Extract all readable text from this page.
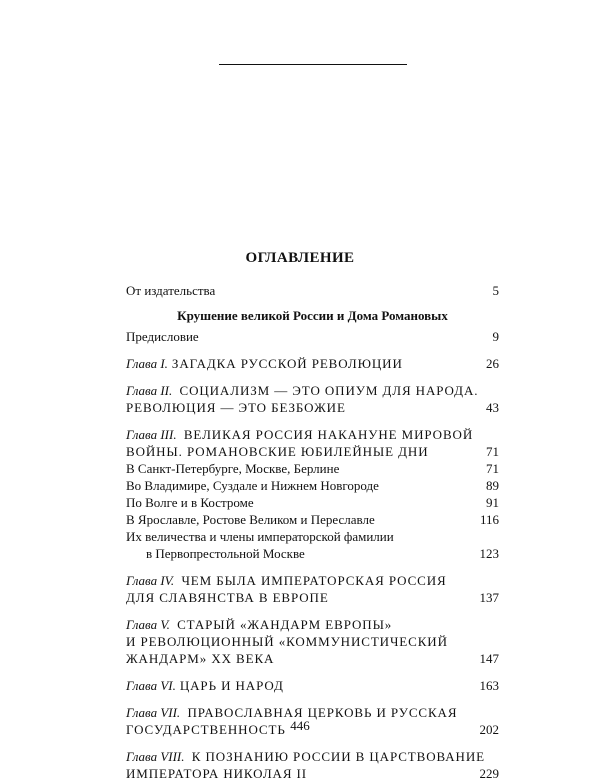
ОГЛАВЛЕНИЕ
От издательства	5
Крушение великой России и Дома Романовых
Предисловие	9
Глава I. ЗАГАДКА РУССКОЙ РЕВОЛЮЦИИ	26
Глава II. СОЦИАЛИЗМ — ЭТО ОПИУМ ДЛЯ НАРОДА.
РЕВОЛЮЦИЯ — ЭТО БЕЗБОЖИЕ	43
Глава III. ВЕЛИКАЯ РОССИЯ НАКАНУНЕ МИРОВОЙ
ВОЙНЫ. РОМАНОВСКИЕ ЮБИЛЕЙНЫЕ ДНИ	71
В Санкт-Петербурге, Москве, Берлине	71
Во Владимире, Суздале и Нижнем Новгороде	89
По Волге и в Костроме	91
В Ярославле, Ростове Великом и Переславле	116
Их величества и члены императорской фамилии
в Первопрестольной Москве	123
Глава IV. ЧЕМ БЫЛА ИМПЕРАТОРСКАЯ РОССИЯ
ДЛЯ СЛАВЯНСТВА В ЕВРОПЕ	137
Глава V. СТАРЫЙ «ЖАНДАРМ ЕВРОПЫ»
И РЕВОЛЮЦИОННЫЙ «КОММУНИСТИЧЕСКИЙ
ЖАНДАРМ» XX ВЕКА	147
Глава VI. ЦАРЬ И НАРОД	163
Глава VII. ПРАВОСЛАВНАЯ ЦЕРКОВЬ И РУССКАЯ
ГОСУДАРСТВЕННОСТЬ	202
Глава VIII. К ПОЗНАНИЮ РОССИИ В ЦАРСТВОВАНИЕ
ИМПЕРАТОРА НИКОЛАЯ II	229
446
